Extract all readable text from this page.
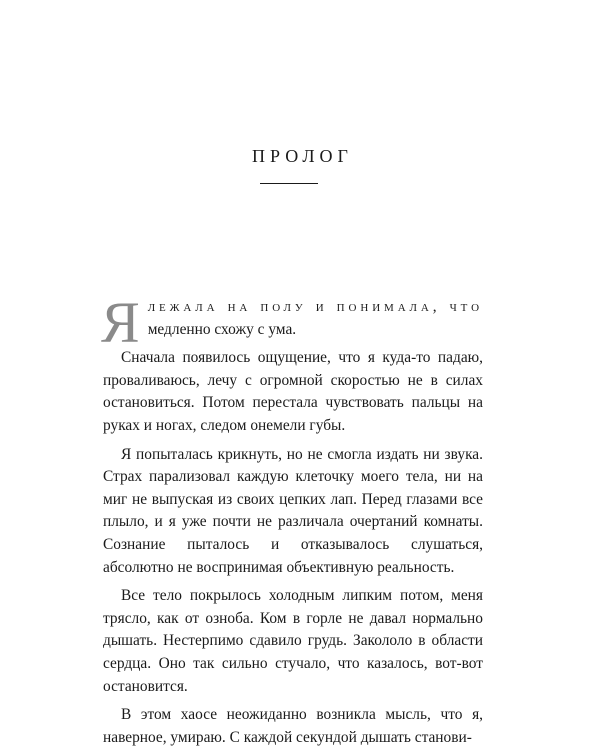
ПРОЛОГ

Я лежала на полу и понимала, что медленно схожу с ума.

Сначала появилось ощущение, что я куда-то падаю, проваливаюсь, лечу с огромной скоростью не в силах остановиться. Потом перестала чувствовать пальцы на руках и ногах, следом онемели губы.

Я попыталась крикнуть, но не смогла издать ни звука. Страх парализовал каждую клеточку моего тела, ни на миг не выпуская из своих цепких лап. Перед глазами все плыло, и я уже почти не различала очертаний комнаты. Сознание пыталось и отказывалось слушаться, абсолютно не воспринимая объективную реальность.

Все тело покрылось холодным липким потом, меня трясло, как от озноба. Ком в горле не давал нормально дышать. Нестерпимо сдавило грудь. Закололо в области сердца. Оно так сильно стучало, что казалось, вот-вот остановится.

В этом хаосе неожиданно возникла мысль, что я, наверное, умираю. С каждой секундой дышать станови-
